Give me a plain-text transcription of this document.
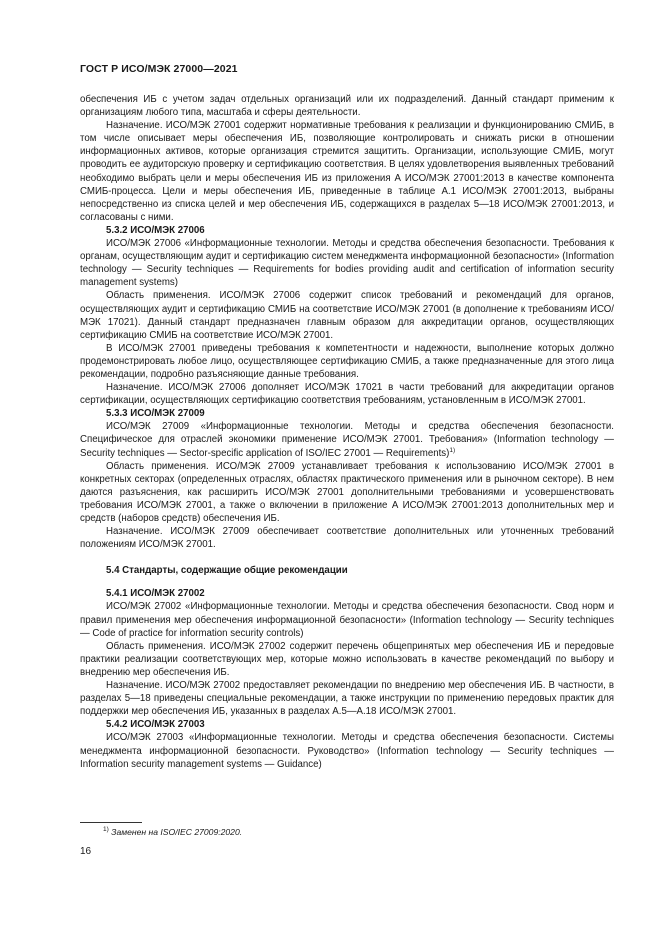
ГОСТ Р ИСО/МЭК 27000—2021

обеспечения ИБ с учетом задач отдельных организаций или их подразделений. Данный стандарт применим к организациям любого типа, масштаба и сферы деятельности.

Назначение. ИСО/МЭК 27001 содержит нормативные требования к реализации и функционированию СМИБ, в том числе описывает меры обеспечения ИБ, позволяющие контролировать и снижать риски в отношении информационных активов, которые организация стремится защитить. Организации, использующие СМИБ, могут проводить ее аудиторскую проверку и сертификацию соответствия. В целях удовлетворения выявленных требований необходимо выбрать цели и меры обеспечения ИБ из приложения А ИСО/МЭК 27001:2013 в качестве компонента СМИБ-процесса. Цели и меры обеспечения ИБ, приведенные в таблице А.1 ИСО/МЭК 27001:2013, выбраны непосредственно из списка целей и мер обеспечения ИБ, содержащихся в разделах 5—18 ИСО/МЭК 27001:2013, и согласованы с ними.

5.3.2 ИСО/МЭК 27006

ИСО/МЭК 27006 «Информационные технологии. Методы и средства обеспечения безопасности. Требования к органам, осуществляющим аудит и сертификацию систем менеджмента информационной безопасности» (Information technology — Security techniques — Requirements for bodies providing audit and certification of information security management systems)

Область применения. ИСО/МЭК 27006 содержит список требований и рекомендаций для органов, осуществляющих аудит и сертификацию СМИБ на соответствие ИСО/МЭК 27001 (в дополнение к требованиям ИСО/МЭК 17021). Данный стандарт предназначен главным образом для аккредитации органов, осуществляющих сертификацию СМИБ на соответствие ИСО/МЭК 27001.

В ИСО/МЭК 27001 приведены требования к компетентности и надежности, выполнение которых должно продемонстрировать любое лицо, осуществляющее сертификацию СМИБ, а также предназначенные для этого лица рекомендации, подробно разъясняющие данные требования.

Назначение. ИСО/МЭК 27006 дополняет ИСО/МЭК 17021 в части требований для аккредитации органов сертификации, осуществляющих сертификацию соответствия требованиям, установленным в ИСО/МЭК 27001.

5.3.3 ИСО/МЭК 27009

ИСО/МЭК 27009 «Информационные технологии. Методы и средства обеспечения безопасности. Специфическое для отраслей экономики применение ИСО/МЭК 27001. Требования» (Information technology — Security techniques — Sector-specific application of ISO/IEC 27001 — Requirements)$^{1)}$

Область применения. ИСО/МЭК 27009 устанавливает требования к использованию ИСО/МЭК 27001 в конкретных секторах (определенных отраслях, областях практического применения или в рыночном секторе). В нем даются разъяснения, как расширить ИСО/МЭК 27001 дополнительными требованиями и усовершенствовать требования ИСО/МЭК 27001, а также о включении в приложение А ИСО/МЭК 27001:2013 дополнительных мер и средств (наборов средств) обеспечения ИБ.

Назначение. ИСО/МЭК 27009 обеспечивает соответствие дополнительных или уточненных требований положениям ИСО/МЭК 27001.

5.4 Стандарты, содержащие общие рекомендации
5.4.1 ИСО/МЭК 27002

ИСО/МЭК 27002 «Информационные технологии. Методы и средства обеспечения безопасности. Свод норм и правил применения мер обеспечения информационной безопасности» (Information technology — Security techniques — Code of practice for information security controls)

Область применения. ИСО/МЭК 27002 содержит перечень общепринятых мер обеспечения ИБ и передовые практики реализации соответствующих мер, которые можно использовать в качестве рекомендаций по выбору и внедрению мер обеспечения ИБ.

Назначение. ИСО/МЭК 27002 предоставляет рекомендации по внедрению мер обеспечения ИБ. В частности, в разделах 5—18 приведены специальные рекомендации, а также инструкции по применению передовых практик для поддержки мер обеспечения ИБ, указанных в разделах А.5—А.18 ИСО/МЭК 27001.

5.4.2 ИСО/МЭК 27003

ИСО/МЭК 27003 «Информационные технологии. Методы и средства обеспечения безопасности. Системы менеджмента информационной безопасности. Руководство» (Information technology — Security techniques — Information security management systems — Guidance)

$^{1)}$ Заменен на ISO/IEC 27009:2020.
16
